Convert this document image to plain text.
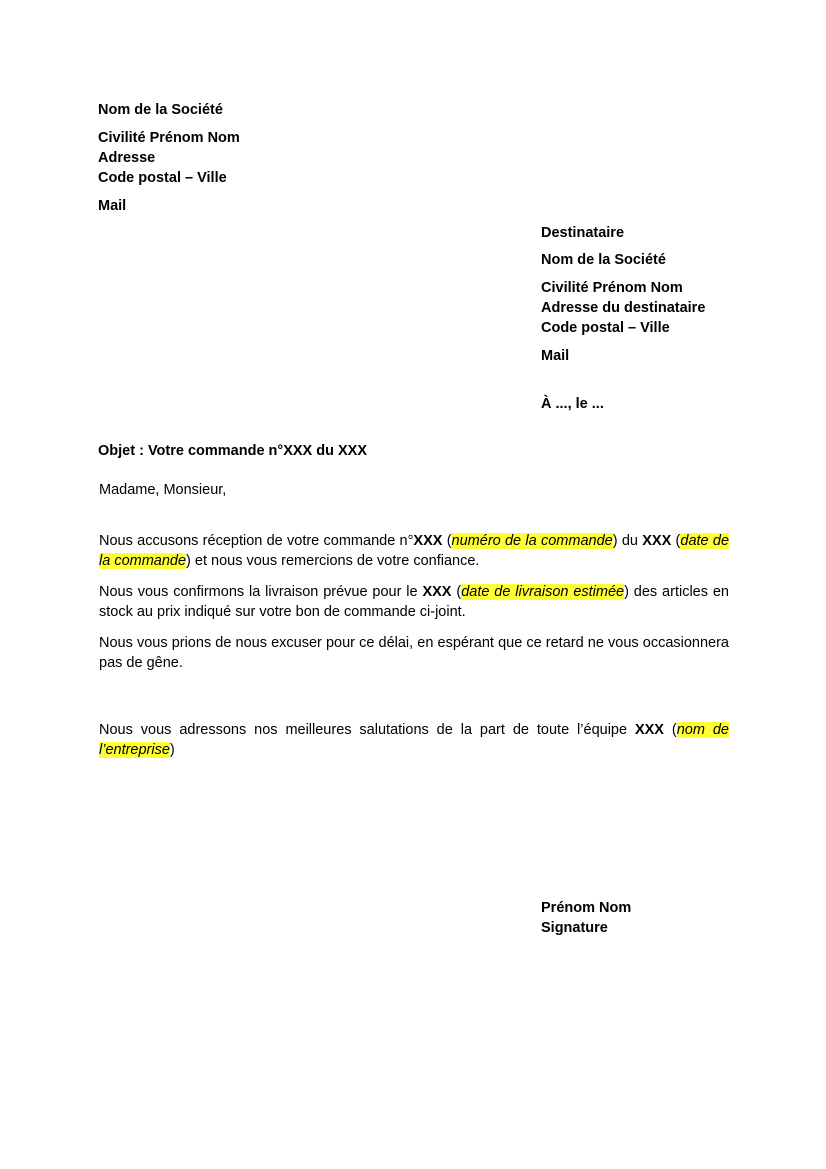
Nom de la Société
Civilité Prénom Nom
Adresse
Code postal – Ville
Mail
Destinataire
Nom de la Société
Civilité Prénom Nom
Adresse du destinataire
Code postal – Ville
Mail
À ..., le ...
Objet : Votre commande n°XXX du XXX
Madame, Monsieur,
Nous accusons réception de votre commande n°XXX (numéro de la commande) du XXX (date de la commande) et nous vous remercions de votre confiance.
Nous vous confirmons la livraison prévue pour le XXX (date de livraison estimée) des articles en stock au prix indiqué sur votre bon de commande ci-joint.
Nous vous prions de nous excuser pour ce délai, en espérant que ce retard ne vous occasionnera pas de gêne.
Nous vous adressons nos meilleures salutations de la part de toute l’équipe XXX (nom de l’entreprise)
Prénom Nom
Signature
